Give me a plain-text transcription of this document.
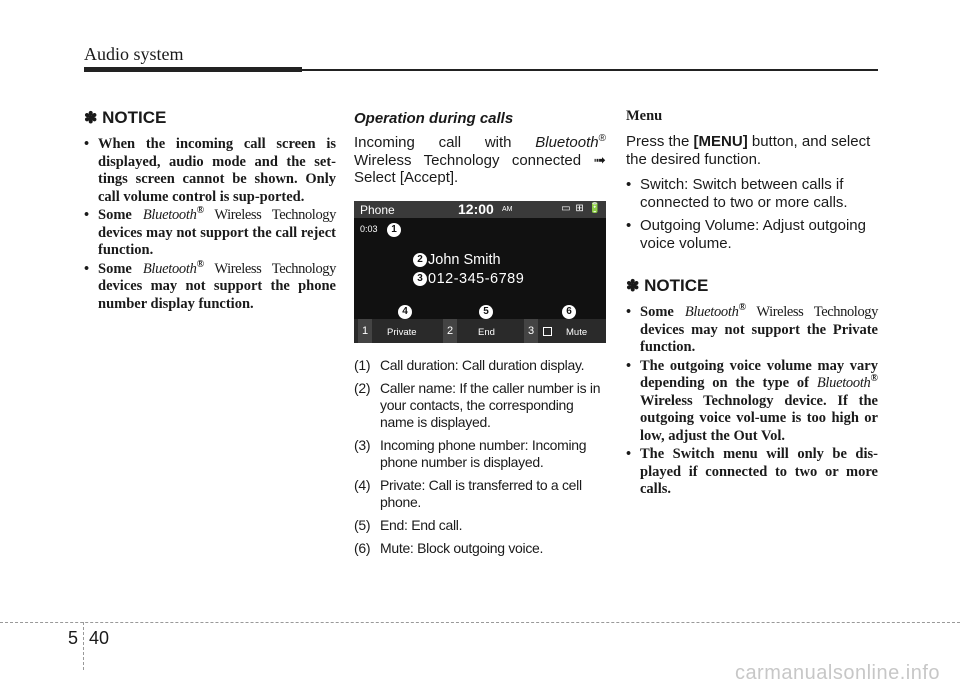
Audio system
✽ NOTICE
• When the incoming call screen is displayed, audio mode and the set-tings screen cannot be shown. Only call volume control is sup-ported.
• Some Bluetooth® Wireless Technology devices may not support the call reject function.
• Some Bluetooth® Wireless Technology devices may not support the phone number display function.
Operation during calls

Incoming call with Bluetooth®

Wireless Technology connected ➟

Select [Accept].

Phone	12:00 AM	▭ ⊞ 🔋
0:03	1
John Smith
2
012-345-6789
3
1	Private
4
2	End
5
3	Mute
6
(1) Call duration: Call duration display.
(2) Caller name: If the caller number is in your contacts, the corresponding name is displayed.
(3) Incoming phone number: Incoming phone number is displayed.
(4) Private: Call is transferred to a cell phone.
(5) End: End call.
(6) Mute: Block outgoing voice.
Menu

Press the [MENU] button, and select the desired function.

• Switch: Switch between calls if connected to two or more calls.
• Outgoing Volume: Adjust outgoing voice volume.
✽ NOTICE
• Some Bluetooth® Wireless Technology devices may not support the Private function.
• The outgoing voice volume may vary depending on the type of Bluetooth® Wireless Technology device. If the outgoing voice vol-ume is too high or low, adjust the Out Vol.
• The Switch menu will only be dis-played if connected to two or more calls.
5 40
carmanualsonline.info
